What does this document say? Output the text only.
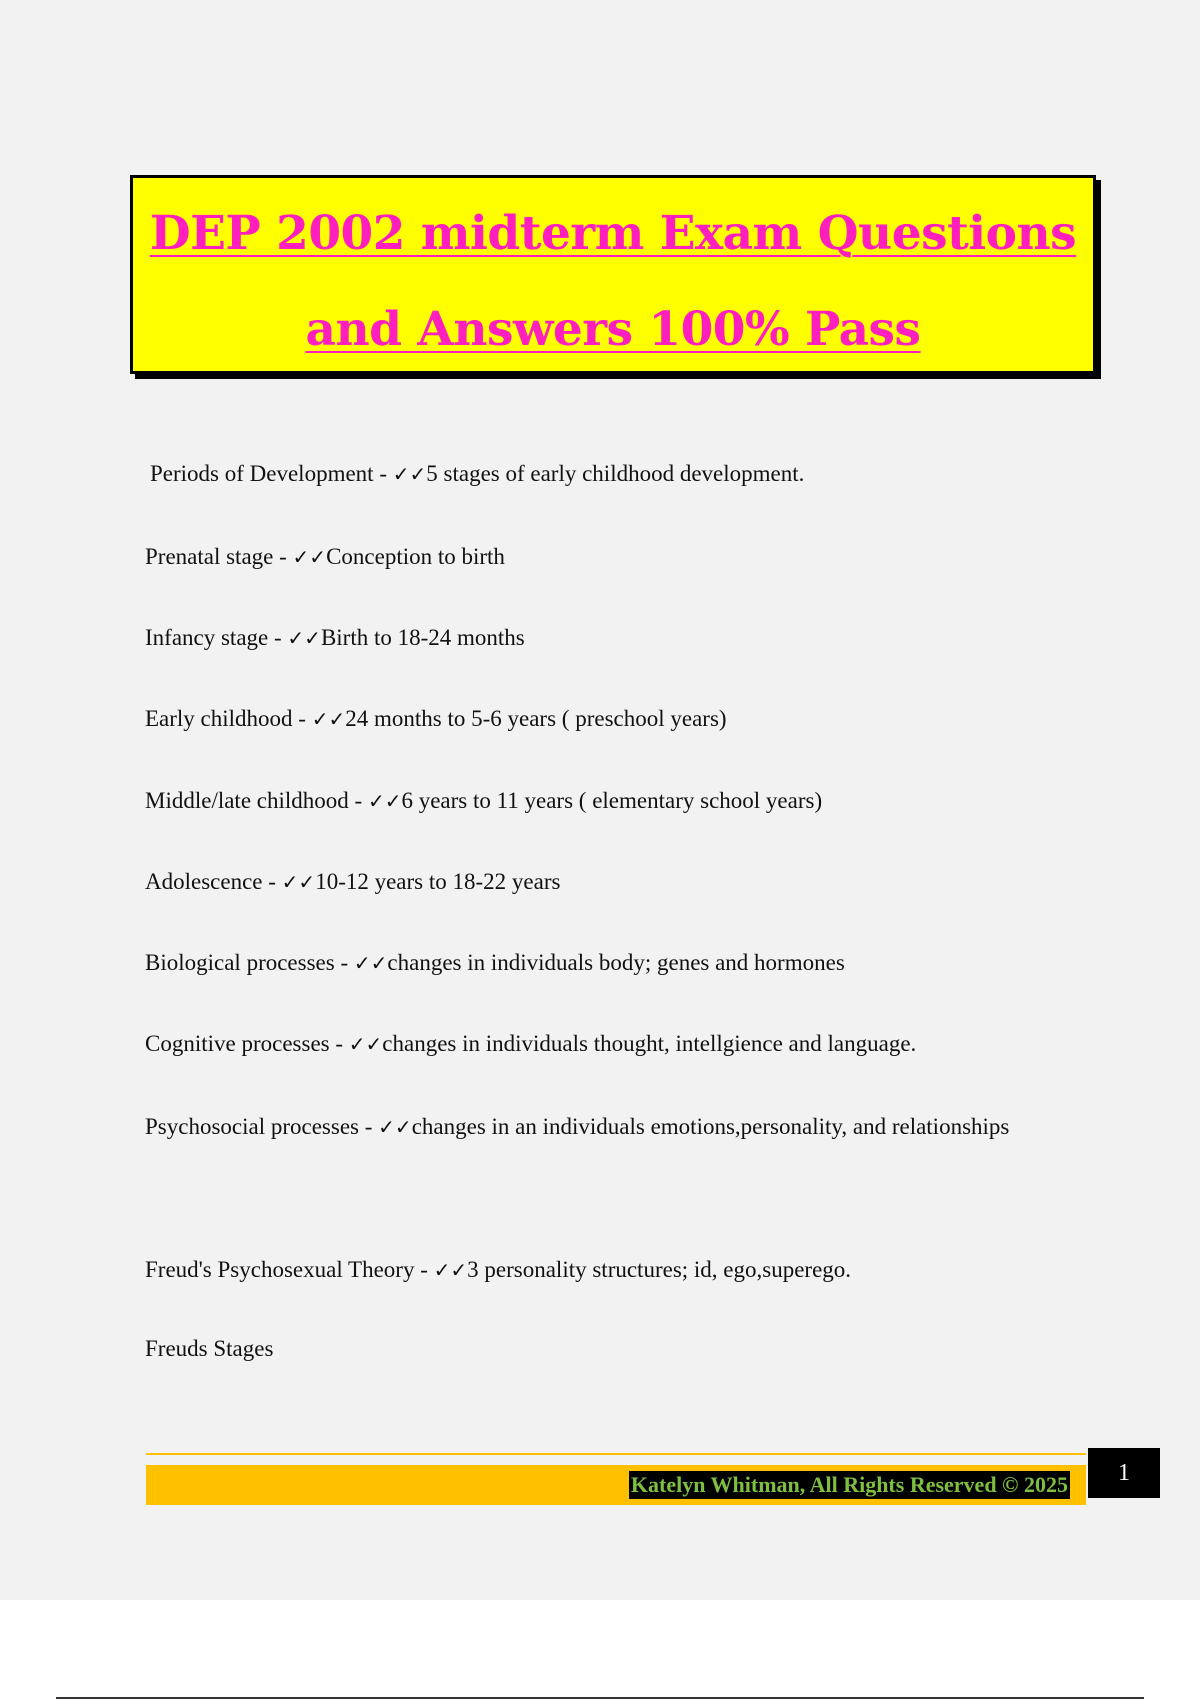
DEP 2002 midterm Exam Questions
and Answers 100% Pass
Periods of Development - ✓✓5 stages of early childhood development.
Prenatal stage - ✓✓Conception to birth
Infancy stage - ✓✓Birth to 18-24 months
Early childhood - ✓✓24 months to 5-6 years ( preschool years)
Middle/late childhood - ✓✓6 years to 11 years ( elementary school years)
Adolescence - ✓✓10-12 years to 18-22 years
Biological processes - ✓✓changes in individuals body; genes and hormones
Cognitive processes - ✓✓changes in individuals thought, intellgience and language.
Psychosocial processes - ✓✓changes in an individuals emotions,personality, and relationships
Freud's Psychosexual Theory - ✓✓3 personality structures; id, ego,superego.
Freuds Stages
Katelyn Whitman, All Rights Reserved © 2025	1
